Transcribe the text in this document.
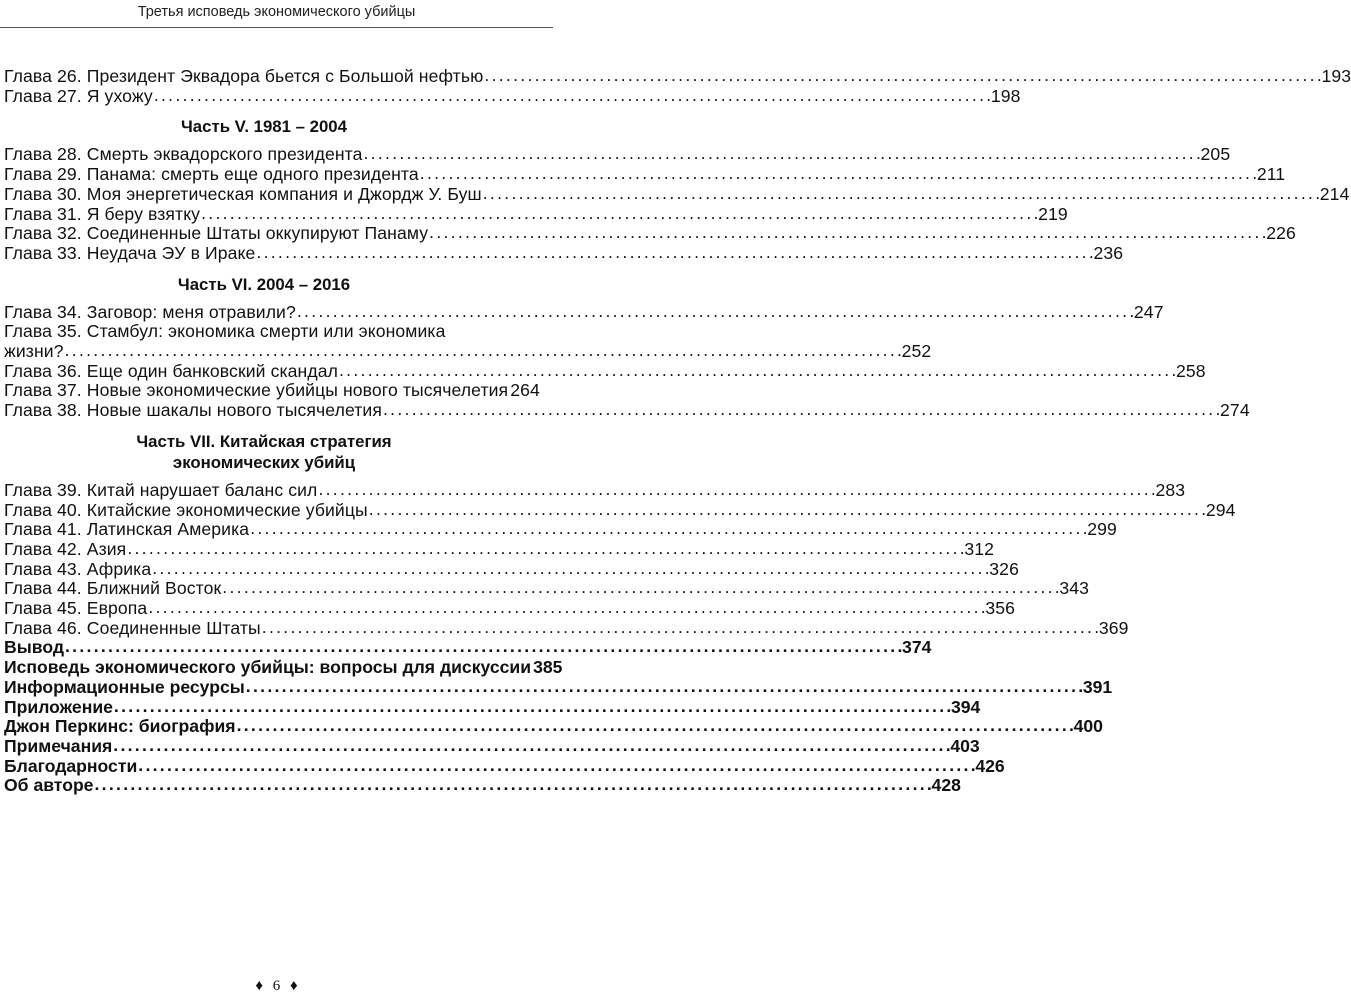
Третья исповедь экономического убийцы
Глава 26. Президент Эквадора бьется с Большой нефтью . . .	193
Глава 27. Я ухожу . . .	198
Часть V. 1981 – 2004
Глава 28. Смерть эквадорского президента . . .	205
Глава 29. Панама: смерть еще одного президента . . .	211
Глава 30. Моя энергетическая компания и Джордж У. Буш . . .	214
Глава 31. Я беру взятку . . .	219
Глава 32. Соединенные Штаты оккупируют Панаму . . .	226
Глава 33. Неудача ЭУ в Ираке . . .	236
Часть VI. 2004 – 2016
Глава 34. Заговор: меня отравили? . . .	247
Глава 35. Стамбул: экономика смерти или экономика
жизни? . . .	252
Глава 36. Еще один банковский скандал . . .	258
Глава 37. Новые экономические убийцы нового тысячелетия 264
Глава 38. Новые шакалы нового тысячелетия . . .	274
Часть VII. Китайская стратегия
экономических убийц
Глава 39. Китай нарушает баланс сил . . .	283
Глава 40. Китайские экономические убийцы . . .	294
Глава 41. Латинская Америка . . .	299
Глава 42. Азия . . .	312
Глава 43. Африка . . .	326
Глава 44. Ближний Восток . . .	343
Глава 45. Европа . . .	356
Глава 46. Соединенные Штаты . . .	369
Вывод . . .	374
Исповедь экономического убийцы: вопросы для дискуссии 385
Информационные ресурсы . . .	391
Приложение . . .	394
Джон Перкинс: биография . . .	400
Примечания . . .	403
Благодарности . . .	426
Об авторе . . .	428
♦ 6 ♦
